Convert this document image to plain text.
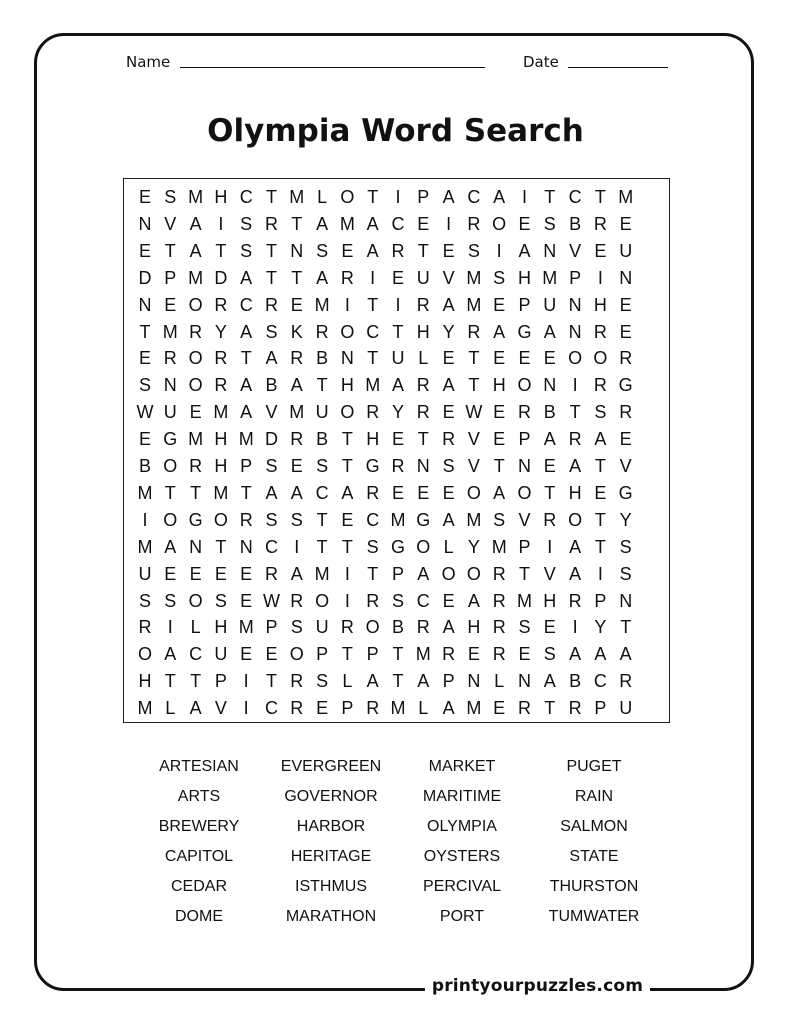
Name	Date
Olympia Word Search
E S M H C T M L O T I P A C A I T C T M
N V A I S R T A M A C E I R O E S B R E
E T A T S T N S E A R T E S I A N V E U
D P M D A T T A R I E U V M S H M P I N
N E O R C R E M I T I R A M E P U N H E
T M R Y A S K R O C T H Y R A G A N R E
E R O R T A R B N T U L E T E E E O O R
S N O R A B A T H M A R A T H O N I R G
W U E M A V M U O R Y R E W E R B T S R
E G M H M D R B T H E T R V E P A R A E
B O R H P S E S T G R N S V T N E A T V
M T T M T A A C A R E E E O A O T H E G
I O G O R S S T E C M G A M S V R O T Y
M A N T N C I T T S G O L Y M P I A T S
U E E E E R A M I T P A O O R T V A I S
S S O S E W R O I R S C E A R M H R P N
R I L H M P S U R O B R A H R S E I Y T
O A C U E E O P T P T M R E R E S A A A
H T T P I T R S L A T A P N L N A B C R
M L A V I C R E P R M L A M E R T R P U
ARTESIAN
ARTS
BREWERY
CAPITOL
CEDAR
DOME
EVERGREEN
GOVERNOR
HARBOR
HERITAGE
ISTHMUS
MARATHON
MARKET
MARITIME
OLYMPIA
OYSTERS
PERCIVAL
PORT
PUGET
RAIN
SALMON
STATE
THURSTON
TUMWATER
printyourpuzzles.com
